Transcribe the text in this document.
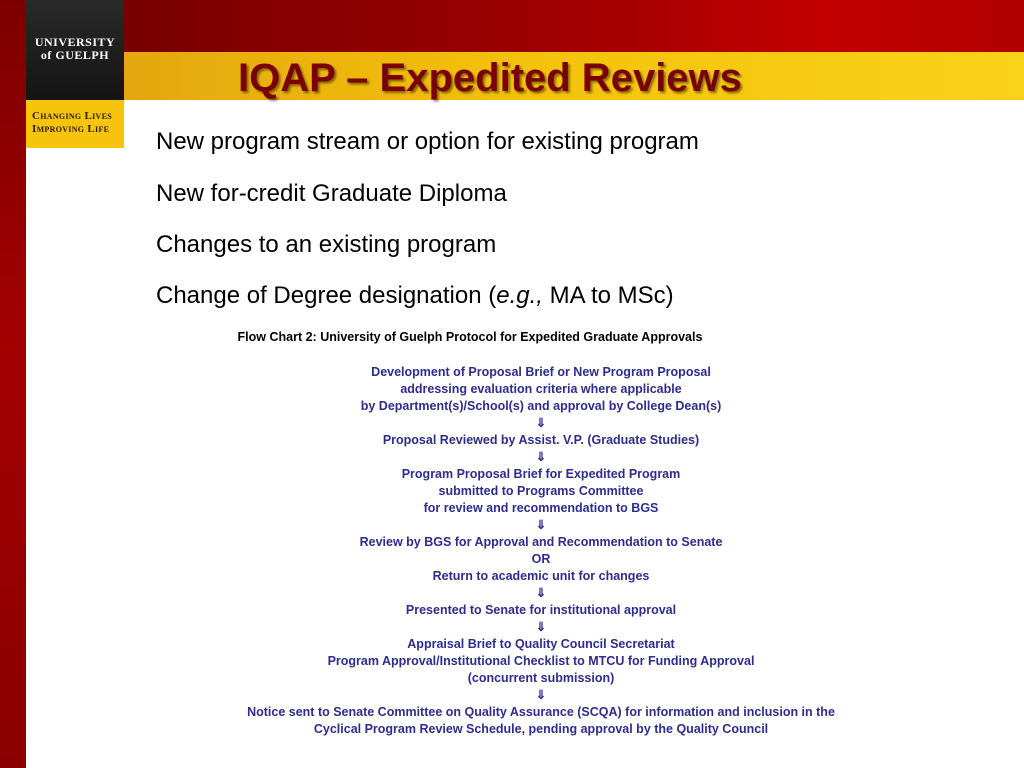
UNIVERSITY
of GUELPH
Changing Lives
Improving Life
IQAP – Expedited Reviews
New program stream or option for existing program
New for-credit Graduate Diploma
Changes to an existing program
Change of Degree designation (e.g., MA to MSc)
Flow Chart 2: University of Guelph Protocol for Expedited Graduate Approvals
Development of Proposal Brief or New Program Proposal
addressing evaluation criteria where applicable
by Department(s)/School(s) and approval by College Dean(s)
⇓
Proposal Reviewed by Assist. V.P. (Graduate Studies)
⇓
Program Proposal Brief for Expedited Program
submitted to Programs Committee
for review and recommendation to BGS
⇓
Review by BGS for Approval and Recommendation to Senate
OR
Return to academic unit for changes
⇓
Presented to Senate for institutional approval
⇓
Appraisal Brief to Quality Council Secretariat
Program Approval/Institutional Checklist to MTCU for Funding Approval
(concurrent submission)
⇓
Notice sent to Senate Committee on Quality Assurance (SCQA) for information and inclusion in the
Cyclical Program Review Schedule, pending approval by the Quality Council
